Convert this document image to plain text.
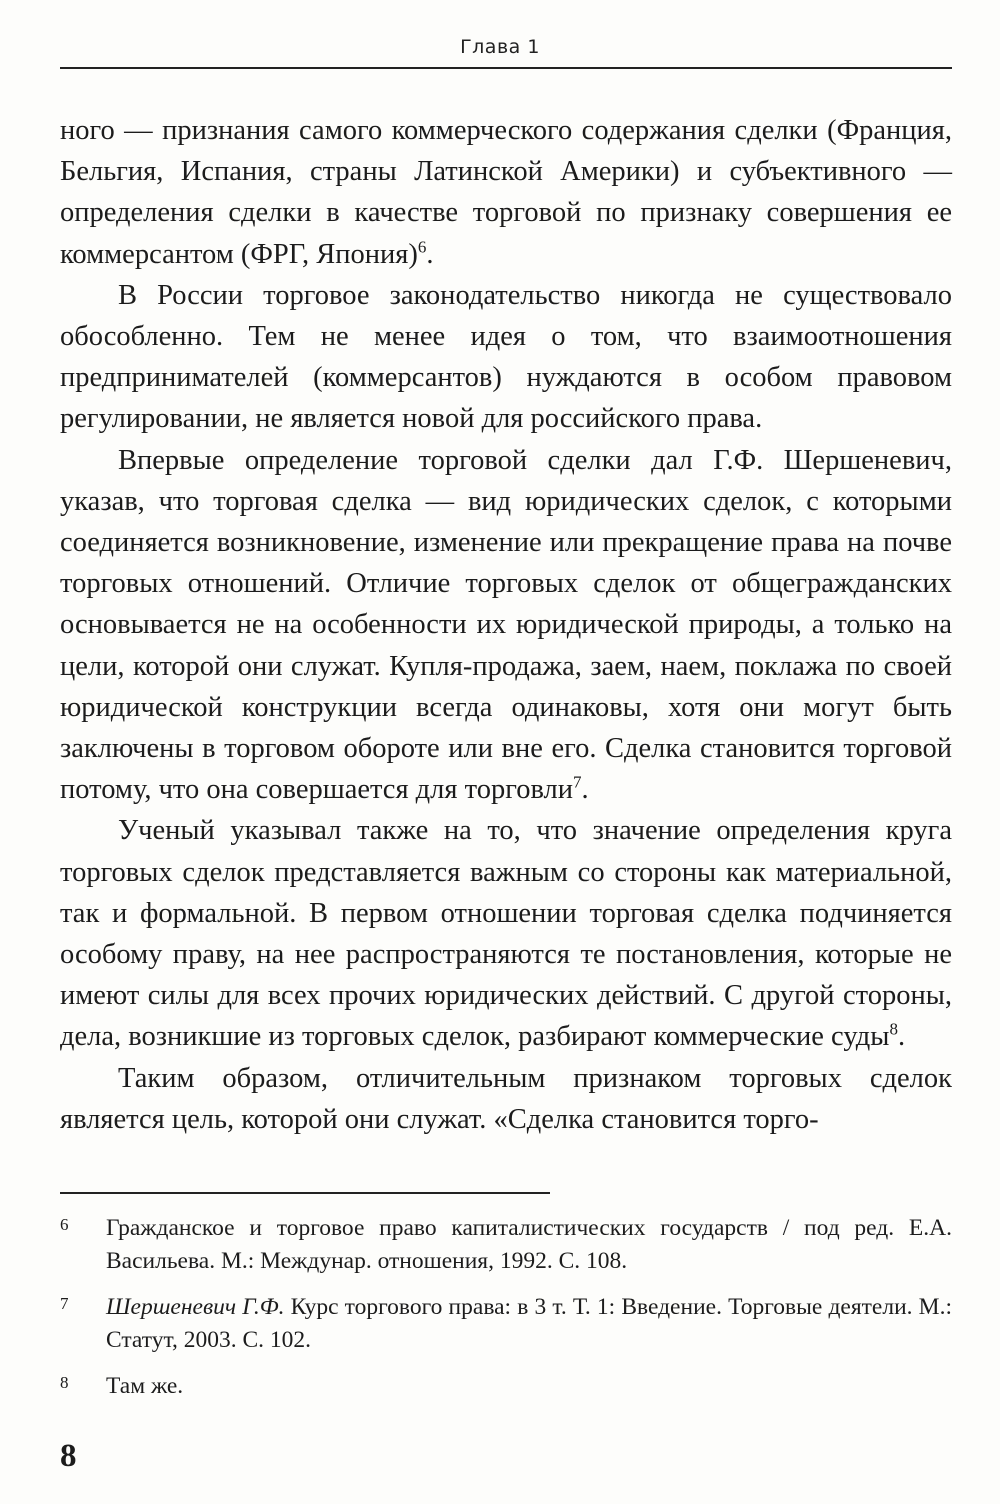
Глава 1

ного — признания самого коммерческого содержания сделки (Франция, Бельгия, Испания, страны Латинской Америки) и субъективного — определения сделки в качестве торговой по признаку совершения ее коммерсантом (ФРГ, Япония)$^6$.

В России торговое законодательство никогда не существовало обособленно. Тем не менее идея о том, что взаимоотношения предпринимателей (коммерсантов) нуждаются в особом правовом регулировании, не является новой для российского права.

Впервые определение торговой сделки дал Г.Ф. Шершеневич, указав, что торговая сделка — вид юридических сделок, с которыми соединяется возникновение, изменение или прекращение права на почве торговых отношений. Отличие торговых сделок от общегражданских основывается не на особенности их юридической природы, а только на цели, которой они служат. Купля-продажа, заем, наем, поклажа по своей юридической конструкции всегда одинаковы, хотя они могут быть заключены в торговом обороте или вне его. Сделка становится торговой потому, что она совершается для торговли$^7$.

Ученый указывал также на то, что значение определения круга торговых сделок представляется важным со стороны как материальной, так и формальной. В первом отношении торговая сделка подчиняется особому праву, на нее распространяются те постановления, которые не имеют силы для всех прочих юридических действий. С другой стороны, дела, возникшие из торговых сделок, разбирают коммерческие суды$^8$.

Таким образом, отличительным признаком торговых сделок является цель, которой они служат. «Сделка становится торго-

6	Гражданское и торговое право капиталистических государств / под ред. Е.А. Васильева. М.: Междунар. отношения, 1992. С. 108.
7	Шершеневич Г.Ф. Курс торгового права: в 3 т. Т. 1: Введение. Торговые деятели. М.: Статут, 2003. С. 102.
8	Там же.
8
